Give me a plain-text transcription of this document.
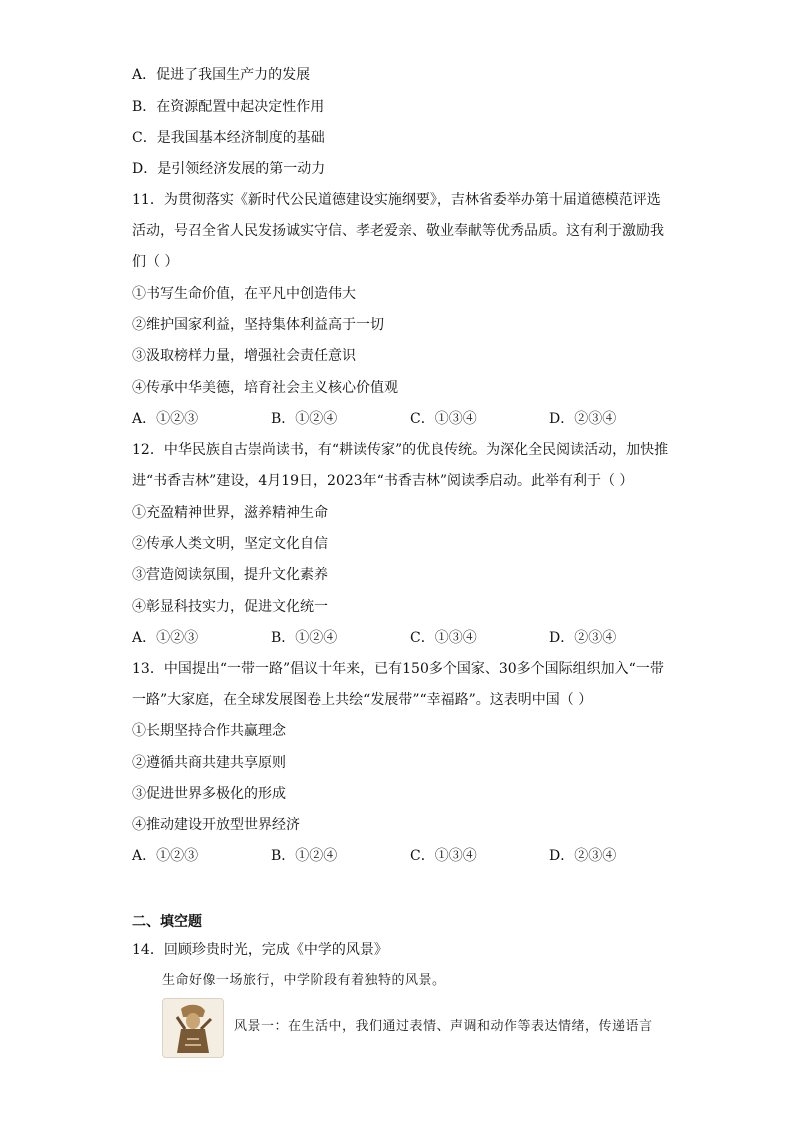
A．促进了我国生产力的发展
B．在资源配置中起决定性作用
C．是我国基本经济制度的基础
D．是引领经济发展的第一动力
11．为贯彻落实《新时代公民道德建设实施纲要》，吉林省委举办第十届道德模范评选
活动，号召全省人民发扬诚实守信、孝老爱亲、敬业奉献等优秀品质。这有利于激励我
们（ ）
①书写生命价值，在平凡中创造伟大
②维护国家利益，坚持集体利益高于一切
③汲取榜样力量，增强社会责任意识
④传承中华美德，培育社会主义核心价值观
A．①②③	B．①②④	C．①③④	D．②③④
12．中华民族自古崇尚读书，有“耕读传家”的优良传统。为深化全民阅读活动，加快推
进“书香吉林”建设，4月19日，2023年“书香吉林”阅读季启动。此举有利于（ ）
①充盈精神世界，滋养精神生命
②传承人类文明，坚定文化自信
③营造阅读氛围，提升文化素养
④彰显科技实力，促进文化统一
A．①②③	B．①②④	C．①③④	D．②③④
13．中国提出“一带一路”倡议十年来，已有150多个国家、30多个国际组织加入“一带
一路”大家庭，在全球发展图卷上共绘“发展带”“幸福路”。这表明中国（ ）
①长期坚持合作共赢理念
②遵循共商共建共享原则
③促进世界多极化的形成
④推动建设开放型世界经济
A．①②③	B．①②④	C．①③④	D．②③④
二、填空题
14．回顾珍贵时光，完成《中学的风景》
生命好像一场旅行，中学阶段有着独特的风景。
风景一：在生活中，我们通过表情、声调和动作等表达情绪，传递语言
